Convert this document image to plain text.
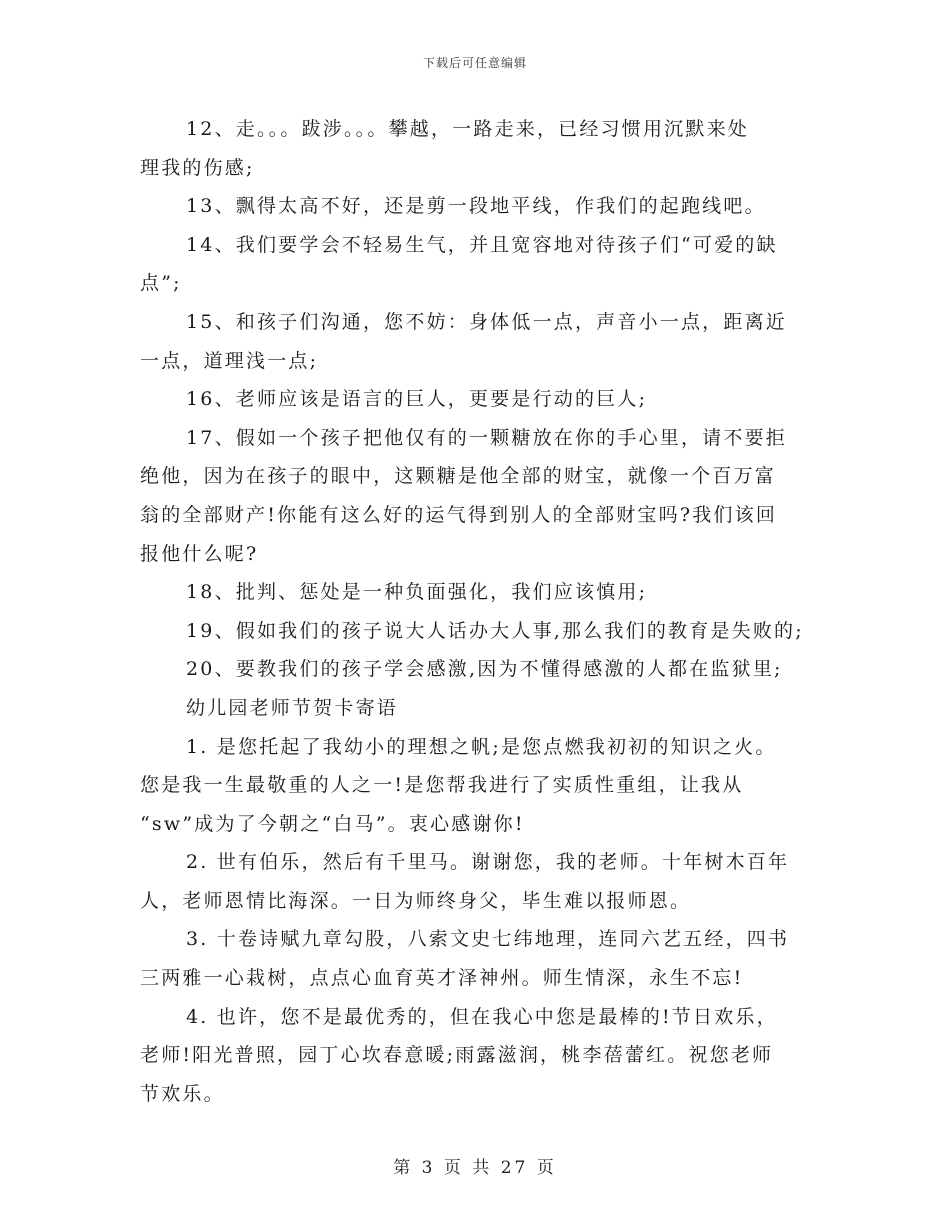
下载后可任意编辑
12、走。。。跋涉。。。攀越，一路走来，已经习惯用沉默来处
理我的伤感;
13、飘得太高不好，还是剪一段地平线，作我们的起跑线吧。
14、我们要学会不轻易生气，并且宽容地对待孩子们“可爱的缺
点”;
15、和孩子们沟通，您不妨：身体低一点，声音小一点，距离近
一点，道理浅一点;
16、老师应该是语言的巨人，更要是行动的巨人;
17、假如一个孩子把他仅有的一颗糖放在你的手心里，请不要拒
绝他，因为在孩子的眼中，这颗糖是他全部的财宝，就像一个百万富
翁的全部财产!你能有这么好的运气得到别人的全部财宝吗?我们该回
报他什么呢?
18、批判、惩处是一种负面强化，我们应该慎用;
19、假如我们的孩子说大人话办大人事,那么我们的教育是失败的;
20、要教我们的孩子学会感激,因为不懂得感激的人都在监狱里;
幼儿园老师节贺卡寄语
1. 是您托起了我幼小的理想之帆;是您点燃我初初的知识之火。
您是我一生最敬重的人之一!是您帮我进行了实质性重组，让我从
“sw”成为了今朝之“白马”。衷心感谢你!
2. 世有伯乐，然后有千里马。谢谢您，我的老师。十年树木百年
人，老师恩情比海深。一日为师终身父，毕生难以报师恩。
3. 十卷诗赋九章勾股，八索文史七纬地理，连同六艺五经，四书
三两雅一心栽树，点点心血育英才泽神州。师生情深，永生不忘!
4. 也许，您不是最优秀的，但在我心中您是最棒的!节日欢乐，
老师!阳光普照，园丁心坎春意暖;雨露滋润，桃李蓓蕾红。祝您老师
节欢乐。
第 3 页 共 27 页
